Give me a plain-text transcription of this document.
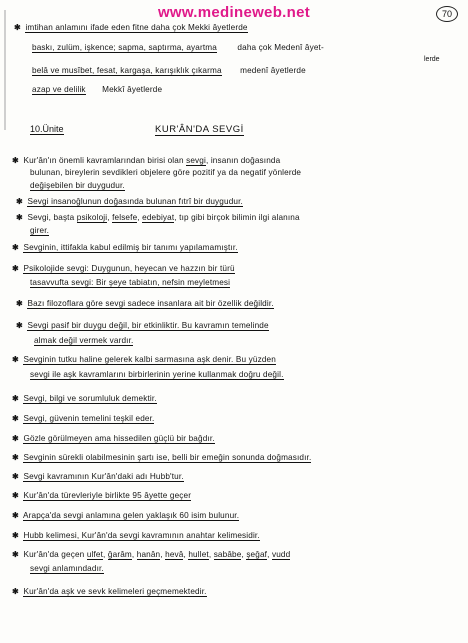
www.medineweb.net	70
✱ imtihan anlamını ifade eden fitne daha çok Mekki âyetlerde
baskı, zulüm, işkence; sapma, saptırma, ayartma daha çok Medenî âyet-
lerde
belâ ve musîbet, fesat, kargaşa, karışıklık çıkarma medenî âyetlerde
azap ve delilik Mekkî âyetlerde
10.Ünite	KUR'ÂN'DA SEVGİ
✱ Kur'ân'ın önemli kavramlarından birisi olan sevgi, insanın doğasında
bulunan, bireylerin sevdikleri objelere göre pozitif ya da negatif yönlerde
değişebilen bir duygudur.
✱ Sevgi insanoğlunun doğasında bulunan fıtrî bir duygudur.
✱ Sevgi, başta psikoloji, felsefe, edebiyat, tıp gibi birçok bilimin ilgi alanına
girer.
✱ Sevginin, ittifakla kabul edilmiş bir tanımı yapılamamıştır.
✱ Psikolojide sevgi: Duygunun, heyecan ve hazzın bir türü
tasavvufta sevgi: Bir şeye tabiatın, nefsin meyletmesi
✱ Bazı filozoflara göre sevgi sadece insanlara ait bir özellik değildir.
✱ Sevgi pasif bir duygu değil, bir etkinliktir. Bu kavramın temelinde
almak değil vermek vardır.
✱ Sevginin tutku haline gelerek kalbi sarmasına aşk denir. Bu yüzden
sevgi ile aşk kavramlarını birbirlerinin yerine kullanmak doğru değil.
✱ Sevgi, bilgi ve sorumluluk demektir.
✱ Sevgi, güvenin temelini teşkil eder.
✱ Gözle görülmeyen ama hissedilen güçlü bir bağdır.
✱ Sevginin sürekli olabilmesinin şartı ise, belli bir emeğin sonunda doğmasıdır.
✱ Sevgi kavramının Kur'ân'daki adı Hubb'tur.
✱ Kur'ân'da türevleriyle birlikte 95 âyette geçer
✱ Arapça'da sevgi anlamına gelen yaklaşık 60 isim bulunur.
✱ Hubb kelimesi, Kur'ân'da sevgi kavramının anahtar kelimesidir.
✱ Kur'ân'da geçen ulfet, ğarâm, hanân, hevâ, hullet, sabâbe, şeğaf, vudd
sevgi anlamındadır.
✱ Kur'ân'da aşk ve sevk kelimeleri geçmemektedir.
